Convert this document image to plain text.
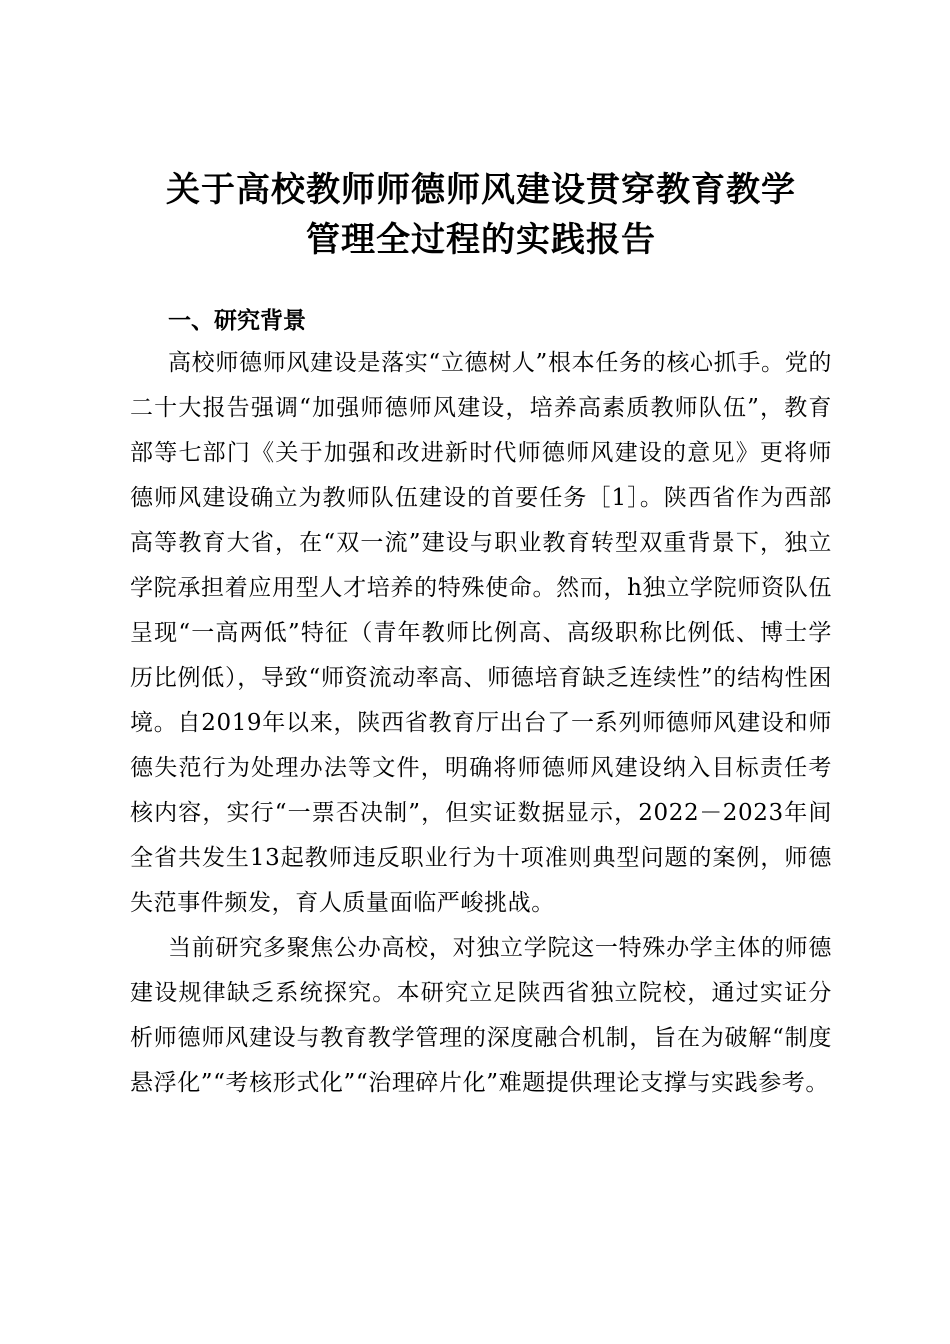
关于高校教师师德师风建设贯穿教育教学
管理全过程的实践报告
一、研究背景

高校师德师风建设是落实“立德树人”根本任务的核心抓手。党的二十大报告强调“加强师德师风建设，培养高素质教师队伍”，教育部等七部门《关于加强和改进新时代师德师风建设的意见》更将师德师风建设确立为教师队伍建设的首要任务［1］。陕西省作为西部高等教育大省，在“双一流”建设与职业教育转型双重背景下，独立学院承担着应用型人才培养的特殊使命。然而，h独立学院师资队伍呈现“一高两低”特征（青年教师比例高、高级职称比例低、博士学历比例低），导致“师资流动率高、师德培育缺乏连续性”的结构性困境。自2019年以来，陕西省教育厅出台了一系列师德师风建设和师德失范行为处理办法等文件，明确将师德师风建设纳入目标责任考核内容，实行“一票否决制”，但实证数据显示，2022－2023年间全省共发生13起教师违反职业行为十项准则典型问题的案例，师德失范事件频发，育人质量面临严峻挑战。

当前研究多聚焦公办高校，对独立学院这一特殊办学主体的师德建设规律缺乏系统探究。本研究立足陕西省独立院校，通过实证分析师德师风建设与教育教学管理的深度融合机制，旨在为破解“制度悬浮化”“考核形式化”“治理碎片化”难题提供理论支撑与实践参考。
